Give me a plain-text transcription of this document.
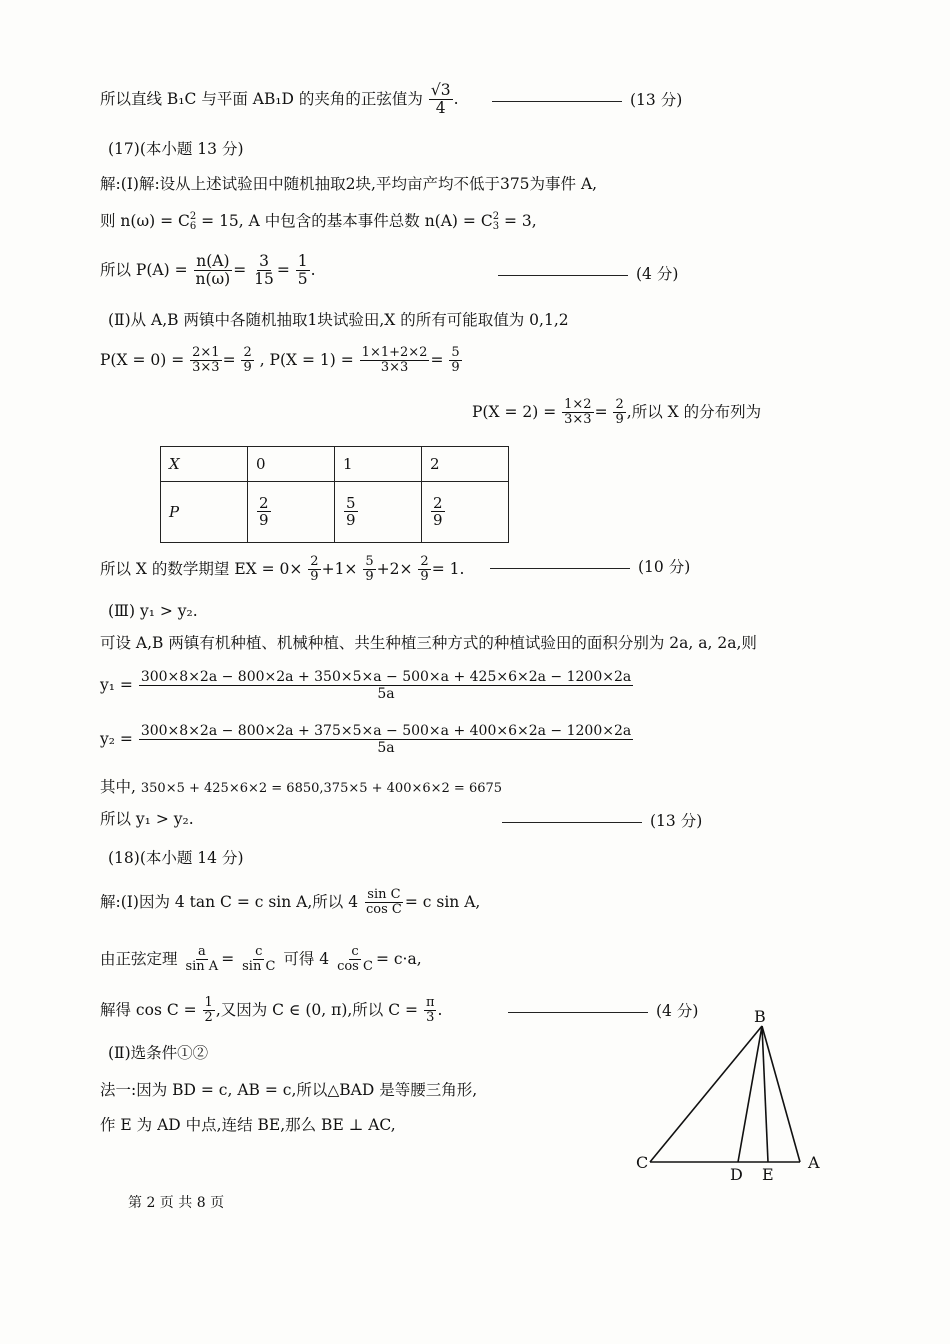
所以直线 B₁C 与平面 AB₁D 的夹角的正弦值为 $\frac{√3}{4}$ .	(13 分)
(17)(本小题 13 分)
解:(Ⅰ)解:设从上述试验田中随机抽取2块,平均亩产均不低于375为事件 A,
则 n(ω) = C 2
6 = 15, A 中包含的基本事件总数 n(A) = C 2
3 = 3,
所以 $P(A) = \frac{n(A)}{n(\omega)} = \frac{3}{15} = \frac{1}{5}$ .	(4 分)
(Ⅱ)从 A,B 两镇中各随机抽取1块试验田,X 的所有可能取值为 0,1,2
$P(X = 0) = \frac{2\times 1}{3\times 3} = \frac{2}{9}$ , $P(X = 1) = \frac{1\times 1+2\times 2}{3\times 3} = \frac{5}{9}$
$P(X = 2) = \frac{1\times 2}{3\times 3} = \frac{2}{9}$ ,所以 X 的分布列为
X	0	1	2
P	$\frac{2}{9}$	$\frac{5}{9}$	$\frac{2}{9}$
所以 X 的数学期望 EX = $0\times \frac{2}{9} +1\times \frac{5}{9} +2\times \frac{2}{9} = 1$.	(10 分)
(Ⅲ) y₁ > y₂.
可设 A,B 两镇有机种植、机械种植、共生种植三种方式的种植试验田的面积分别为 2a, a, 2a,则
$y_1 = \frac{300\times 8\times 2a - 800\times 2a + 350\times 5\times a - 500\times a + 425\times 6\times 2a - 1200\times 2a}{5a}$
$y_2 = \frac{300\times 8\times 2a - 800\times 2a + 375\times 5\times a - 500\times a + 400\times 6\times 2a - 1200\times 2a}{5a}$
其中, 350×5 + 425×6×2 = 6850,375×5 + 400×6×2 = 6675
所以 y₁ > y₂.	(13 分)
(18)(本小题 14 分)
解:(Ⅰ)因为 4 tan C = c sin A,所以 $4 \frac{\text{sin C}}{\text{cos C}} = c$ sin A,
由正弦定理 $\frac{a}{\text{sin A}} = \frac{c}{\text{sin C}}$ 可得 $4 \frac{c}{\text{cos C}} = c\cdot a$,
解得 $\cos C = \frac{1}{2}$ ,又因为 C ∈ (0, π),所以 $C = \frac{\pi}{3}$ .	(4 分)
(Ⅱ)选条件①②
法一:因为 BD = c, AB = c,所以△BAD 是等腰三角形,
作 E 为 AD 中点,连结 BE,那么 BE ⊥ AC,
B
C
D E
A
第 2 页 共 8 页
